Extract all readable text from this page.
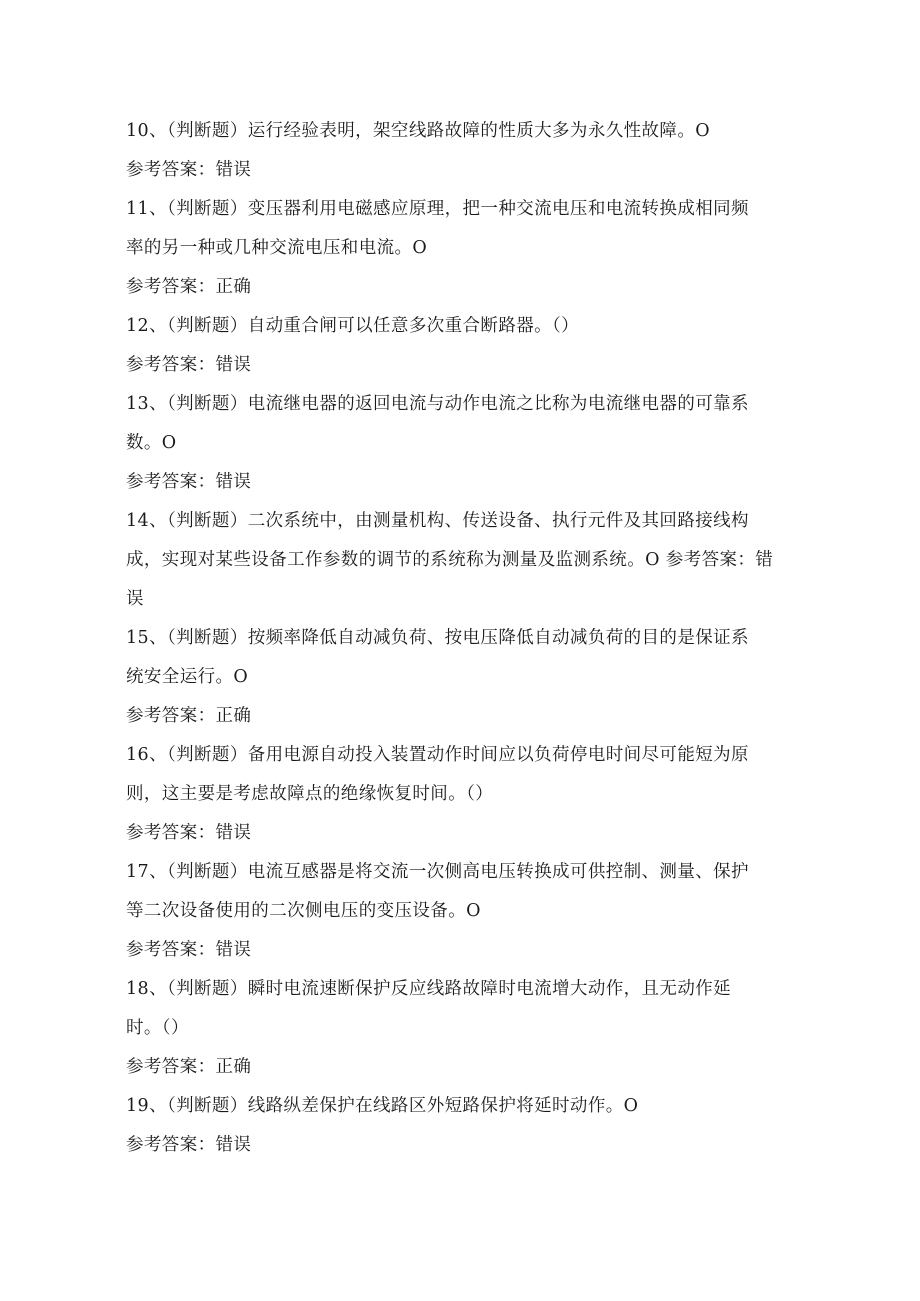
10、（判断题）运行经验表明，架空线路故障的性质大多为永久性故障。O
参考答案：错误
11、（判断题）变压器利用电磁感应原理，把一种交流电压和电流转换成相同频
率的另一种或几种交流电压和电流。O
参考答案：正确
12、（判断题）自动重合闸可以任意多次重合断路器。（）
参考答案：错误
13、（判断题）电流继电器的返回电流与动作电流之比称为电流继电器的可靠系
数。O
参考答案：错误
14、（判断题）二次系统中，由测量机构、传送设备、执行元件及其回路接线构
成，实现对某些设备工作参数的调节的系统称为测量及监测系统。O 参考答案：错
误
15、（判断题）按频率降低自动减负荷、按电压降低自动减负荷的目的是保证系
统安全运行。O
参考答案：正确
16、（判断题）备用电源自动投入装置动作时间应以负荷停电时间尽可能短为原
则，这主要是考虑故障点的绝缘恢复时间。（）
参考答案：错误
17、（判断题）电流互感器是将交流一次侧高电压转换成可供控制、测量、保护
等二次设备使用的二次侧电压的变压设备。O
参考答案：错误
18、（判断题）瞬时电流速断保护反应线路故障时电流增大动作，且无动作延
时。（）
参考答案：正确
19、（判断题）线路纵差保护在线路区外短路保护将延时动作。O
参考答案：错误
